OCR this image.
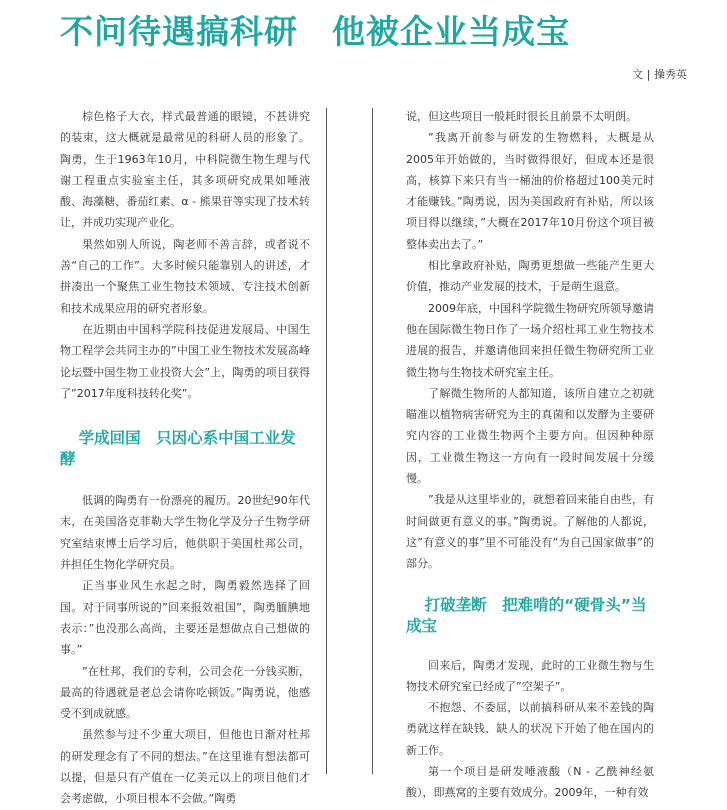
不问待遇搞科研 他被企业当成宝
文 | 操秀英

棕色格子大衣，样式最普通的眼镜，不甚讲究的装束，这大概就是最常见的科研人员的形象了。陶勇，生于1963年10月，中科院微生物生理与代谢工程重点实验室主任，其多项研究成果如唾液酸、海藻糖、番茄红素、α - 熊果苷等实现了技术转让，并成功实现产业化。

果然如别人所说，陶老师不善言辞，或者说不善“自己的工作”。大多时候只能靠别人的讲述，才拼凑出一个聚焦工业生物技术领域、专注技术创新和技术成果应用的研究者形象。

在近期由中国科学院科技促进发展局、中国生物工程学会共同主办的”中国工业生物技术发展高峰论坛暨中国生物工业投资大会”上，陶勇的项目获得了”2017年度科技转化奖”。

学成回国　只因心系中国工业发酵

低调的陶勇有一份漂亮的履历。20世纪90年代末，在美国洛克菲勒大学生物化学及分子生物学研究室结束博士后学习后，他供职于美国杜邦公司，并担任生物化学研究员。

正当事业风生水起之时，陶勇毅然选择了回国。对于同事所说的”回来报效祖国”，陶勇腼腆地表示：”也没那么高尚，主要还是想做点自己想做的事。”

”在杜邦，我们的专利，公司会花一分钱买断，最高的待遇就是老总会请你吃顿饭。”陶勇说，他感受不到成就感。

虽然参与过不少重大项目，但他也日渐对杜邦的研发理念有了不同的想法。”在这里谁有想法都可以提，但是只有产值在一亿美元以上的项目他们才会考虑做，小项目根本不会做。”陶勇

说，但这些项目一般耗时很长且前景不太明朗。

”我离开前参与研发的生物燃料，大概是从2005年开始做的，当时做得很好，但成本还是很高，核算下来只有当一桶油的价格超过100美元时才能赚钱。”陶勇说，因为美国政府有补贴，所以该项目得以继续，”大概在2017年10月份这个项目被整体卖出去了。”

相比拿政府补贴，陶勇更想做一些能产生更大价值，推动产业发展的技术，于是萌生退意。

2009年底，中国科学院微生物研究所领导邀请他在国际微生物日作了一场介绍杜邦工业生物技术进展的报告，并邀请他回来担任微生物研究所工业微生物与生物技术研究室主任。

了解微生物所的人都知道，该所自建立之初就瞄准以植物病害研究为主的真菌和以发酵为主要研究内容的工业微生物两个主要方向。但因种种原因，工业微生物这一方向有一段时间发展十分缓慢。

”我是从这里毕业的，就想着回来能自由些，有时间做更有意义的事。”陶勇说。了解他的人都说，这”有意义的事”里不可能没有”为自己国家做事”的部分。

打破垄断　把难啃的“硬骨头”当成宝

回来后，陶勇才发现，此时的工业微生物与生物技术研究室已经成了”空架子”。

不抱怨、不委屈，以前搞科研从来不差钱的陶勇就这样在缺钱、缺人的状况下开始了他在国内的新工作。

第一个项目是研发唾液酸（N - 乙酰神经氨酸），即燕窝的主要有效成分。2009年，一种有效
